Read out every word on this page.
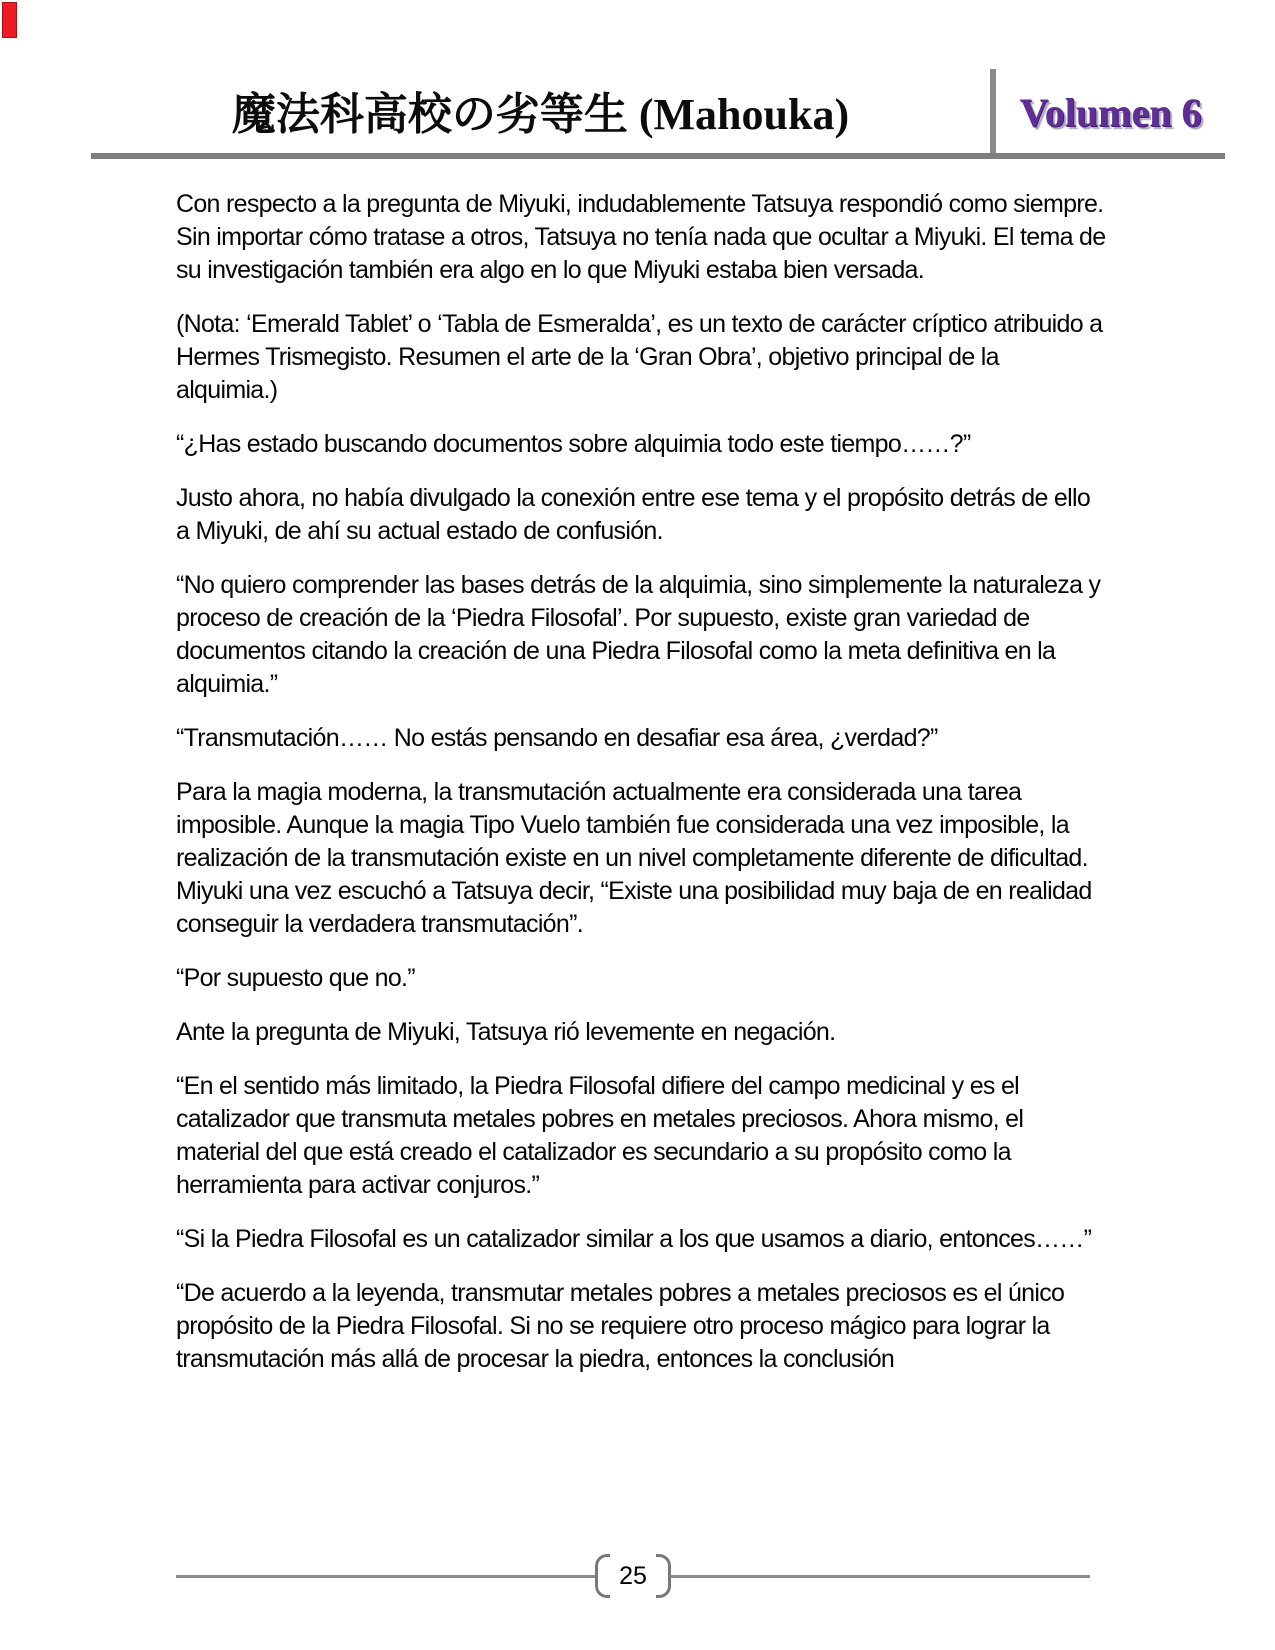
魔法科高校の劣等生 (Mahouka)	Volumen 6

Con respecto a la pregunta de Miyuki, indudablemente Tatsuya respondió como siempre. Sin importar cómo tratase a otros, Tatsuya no tenía nada que ocultar a Miyuki. El tema de su investigación también era algo en lo que Miyuki estaba bien versada.

(Nota: ‘Emerald Tablet’ o ‘Tabla de Esmeralda’, es un texto de carácter críptico atribuido a Hermes Trismegisto. Resumen el arte de la ‘Gran Obra’, objetivo principal de la alquimia.)

“¿Has estado buscando documentos sobre alquimia todo este tiempo……?”

Justo ahora, no había divulgado la conexión entre ese tema y el propósito detrás de ello a Miyuki, de ahí su actual estado de confusión.

“No quiero comprender las bases detrás de la alquimia, sino simplemente la naturaleza y proceso de creación de la ‘Piedra Filosofal’. Por supuesto, existe gran variedad de documentos citando la creación de una Piedra Filosofal como la meta definitiva en la alquimia.”

“Transmutación…… No estás pensando en desafiar esa área, ¿verdad?”

Para la magia moderna, la transmutación actualmente era considerada una tarea imposible. Aunque la magia Tipo Vuelo también fue considerada una vez imposible, la realización de la transmutación existe en un nivel completamente diferente de dificultad. Miyuki una vez escuchó a Tatsuya decir, “Existe una posibilidad muy baja de en realidad conseguir la verdadera transmutación”.

“Por supuesto que no.”

Ante la pregunta de Miyuki, Tatsuya rió levemente en negación.

“En el sentido más limitado, la Piedra Filosofal difiere del campo medicinal y es el catalizador que transmuta metales pobres en metales preciosos. Ahora mismo, el material del que está creado el catalizador es secundario a su propósito como la herramienta para activar conjuros.”

“Si la Piedra Filosofal es un catalizador similar a los que usamos a diario, entonces……”

“De acuerdo a la leyenda, transmutar metales pobres a metales preciosos es el único propósito de la Piedra Filosofal. Si no se requiere otro proceso mágico para lograr la transmutación más allá de procesar la piedra, entonces la conclusión

25
